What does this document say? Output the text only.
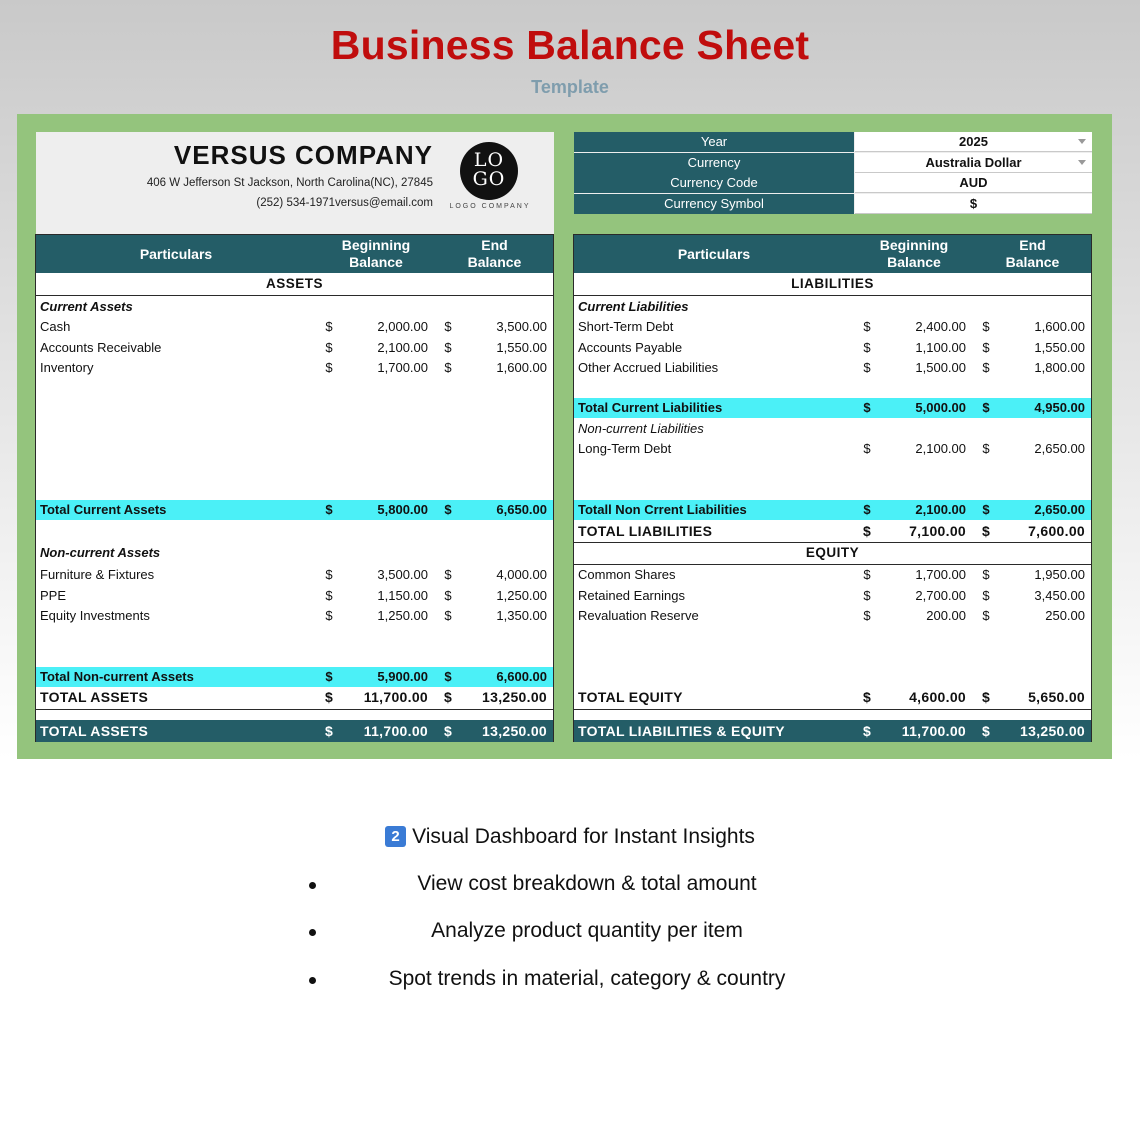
Business Balance Sheet
Template
VERSUS COMPANY
406 W Jefferson St Jackson, North Carolina(NC), 27845
(252) 534-1971versus@email.com
LO
GO
LOGO COMPANY
Year	2025
Currency	Australia Dollar
Currency Code	AUD
Currency Symbol	$
Particulars
Beginning
Balance
End
Balance
ASSETS
Current Assets
Cash	$	2,000.00 $	3,500.00
Accounts Receivable	$	2,100.00 $	1,550.00
Inventory	$	1,700.00 $	1,600.00
Total Current Assets	$	5,800.00 $	6,650.00
Non-current Assets
Furniture & Fixtures	$	3,500.00 $	4,000.00
PPE	$	1,150.00 $	1,250.00
Equity Investments	$	1,250.00 $	1,350.00
Total Non-current Assets	$	5,900.00 $	6,600.00
TOTAL ASSETS	$	11,700.00 $	13,250.00
TOTAL ASSETS	$	11,700.00 $	13,250.00
Particulars
Beginning
Balance
End
Balance
LIABILITIES
Current Liabilities
Short-Term Debt	$	2,400.00 $	1,600.00
Accounts Payable	$	1,100.00 $	1,550.00
Other Accrued Liabilities	$	1,500.00 $	1,800.00
Total Current Liabilities	$	5,000.00 $	4,950.00
Non-current Liabilities
Long-Term Debt	$	2,100.00 $	2,650.00
Totall Non Crrent Liabilities	$	2,100.00 $	2,650.00
TOTAL LIABILITIES	$	7,100.00 $	7,600.00
EQUITY
Common Shares	$	1,700.00 $	1,950.00
Retained Earnings	$	2,700.00 $	3,450.00
Revaluation Reserve	$	200.00 $	250.00
TOTAL EQUITY	$	4,600.00 $	5,650.00
TOTAL LIABILITIES & EQUITY	$	11,700.00 $	13,250.00
2 Visual Dashboard for Instant Insights
View cost breakdown & total amount
Analyze product quantity per item
Spot trends in material, category & country
